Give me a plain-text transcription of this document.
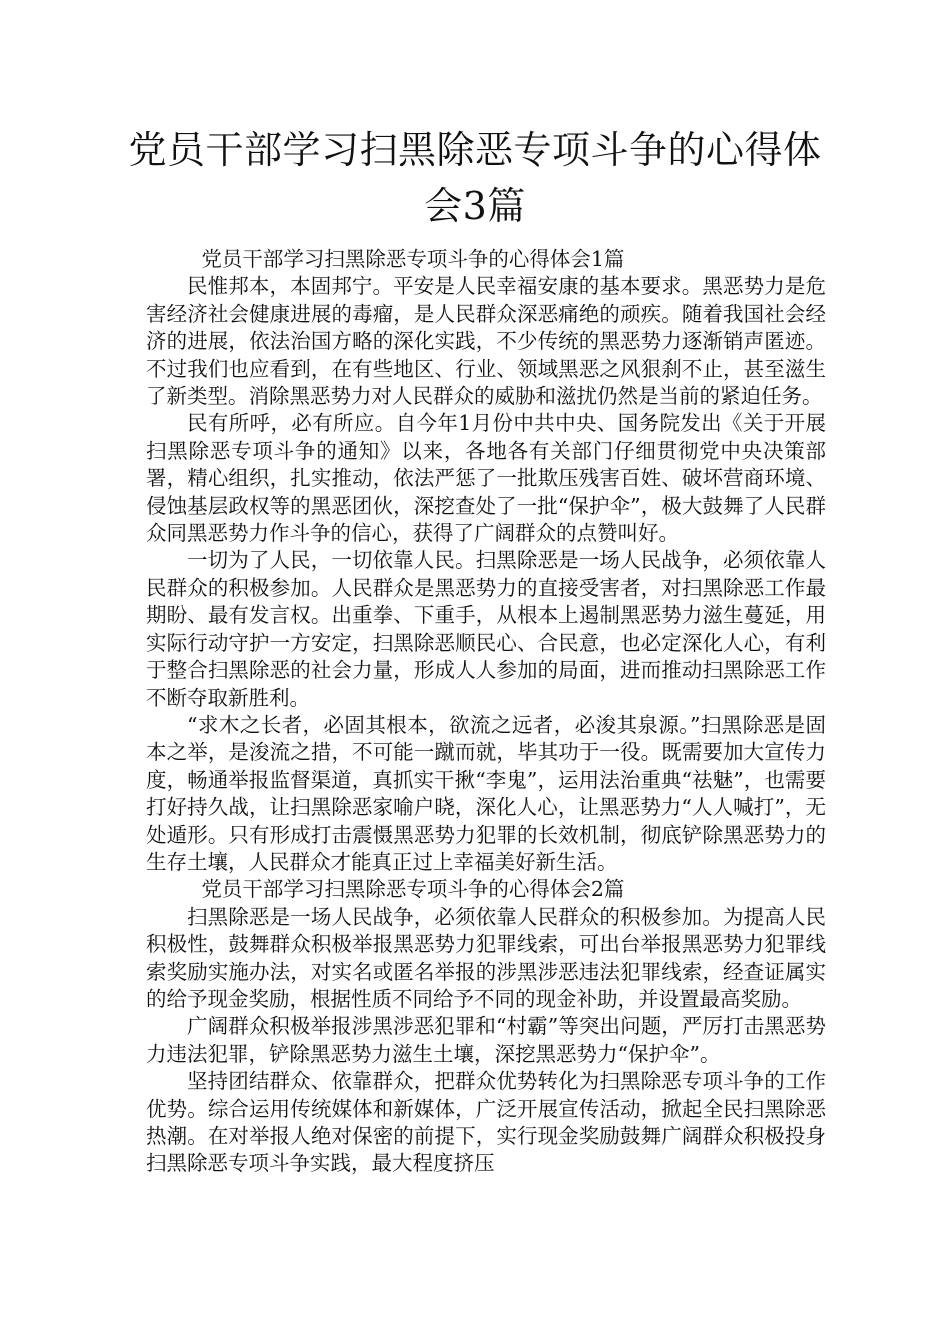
党员干部学习扫黑除恶专项斗争的心得体
会3篇

党员干部学习扫黑除恶专项斗争的心得体会1篇

民惟邦本，本固邦宁。平安是人民幸福安康的基本要求。黑恶势力是危害经济社会健康进展的毒瘤，是人民群众深恶痛绝的顽疾。随着我国社会经济的进展，依法治国方略的深化实践，不少传统的黑恶势力逐渐销声匿迹。不过我们也应看到，在有些地区、行业、领域黑恶之风狠刹不止，甚至滋生了新类型。消除黑恶势力对人民群众的威胁和滋扰仍然是当前的紧迫任务。

民有所呼，必有所应。自今年1月份中共中央、国务院发出《关于开展扫黑除恶专项斗争的通知》以来，各地各有关部门仔细贯彻党中央决策部署，精心组织，扎实推动，依法严惩了一批欺压残害百姓、破坏营商环境、侵蚀基层政权等的黑恶团伙，深挖查处了一批“保护伞”，极大鼓舞了人民群众同黑恶势力作斗争的信心，获得了广阔群众的点赞叫好。

一切为了人民，一切依靠人民。扫黑除恶是一场人民战争，必须依靠人民群众的积极参加。人民群众是黑恶势力的直接受害者，对扫黑除恶工作最期盼、最有发言权。出重拳、下重手，从根本上遏制黑恶势力滋生蔓延，用实际行动守护一方安定，扫黑除恶顺民心、合民意，也必定深化人心，有利于整合扫黑除恶的社会力量，形成人人参加的局面，进而推动扫黑除恶工作不断夺取新胜利。

“求木之长者，必固其根本，欲流之远者，必浚其泉源。”扫黑除恶是固本之举，是浚流之措，不可能一蹴而就，毕其功于一役。既需要加大宣传力度，畅通举报监督渠道，真抓实干揪“李鬼”，运用法治重典“祛魅”，也需要打好持久战，让扫黑除恶家喻户晓，深化人心，让黑恶势力“人人喊打”，无处遁形。只有形成打击震慑黑恶势力犯罪的长效机制，彻底铲除黑恶势力的生存土壤，人民群众才能真正过上幸福美好新生活。

党员干部学习扫黑除恶专项斗争的心得体会2篇

扫黑除恶是一场人民战争，必须依靠人民群众的积极参加。为提高人民积极性，鼓舞群众积极举报黑恶势力犯罪线索，可出台举报黑恶势力犯罪线索奖励实施办法，对实名或匿名举报的涉黑涉恶违法犯罪线索，经查证属实的给予现金奖励，根据性质不同给予不同的现金补助，并设置最高奖励。

广阔群众积极举报涉黑涉恶犯罪和“村霸”等突出问题，严厉打击黑恶势力违法犯罪，铲除黑恶势力滋生土壤，深挖黑恶势力“保护伞”。

坚持团结群众、依靠群众，把群众优势转化为扫黑除恶专项斗争的工作优势。综合运用传统媒体和新媒体，广泛开展宣传活动，掀起全民扫黑除恶热潮。在对举报人绝对保密的前提下，实行现金奖励鼓舞广阔群众积极投身扫黑除恶专项斗争实践，最大程度挤压
